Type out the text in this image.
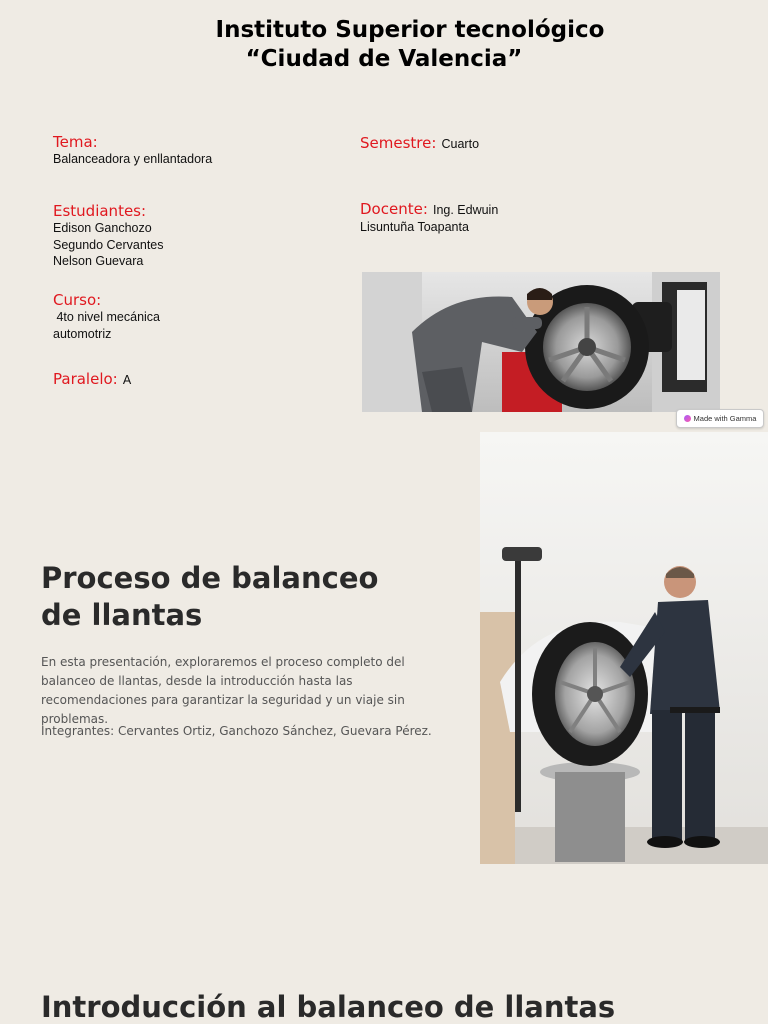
Instituto Superior tecnológico
“Ciudad de Valencia”
Tema:
Balanceadora y enllantadora
Estudiantes:
Edison Ganchozo
Segundo Cervantes
Nelson Guevara
Curso:
4to nivel mecánica
automotriz
Paralelo: A
Semestre: Cuarto
Docente: Ing. Edwuin
Lisuntuña Toapanta
Made with Gamma
Proceso de balanceo
de llantas
En esta presentación, exploraremos el proceso completo del balanceo de llantas, desde la introducción hasta las recomendaciones para garantizar la seguridad y un viaje sin problemas.
Integrantes: Cervantes Ortiz, Ganchozo Sánchez, Guevara Pérez.
Introducción al balanceo de llantas
